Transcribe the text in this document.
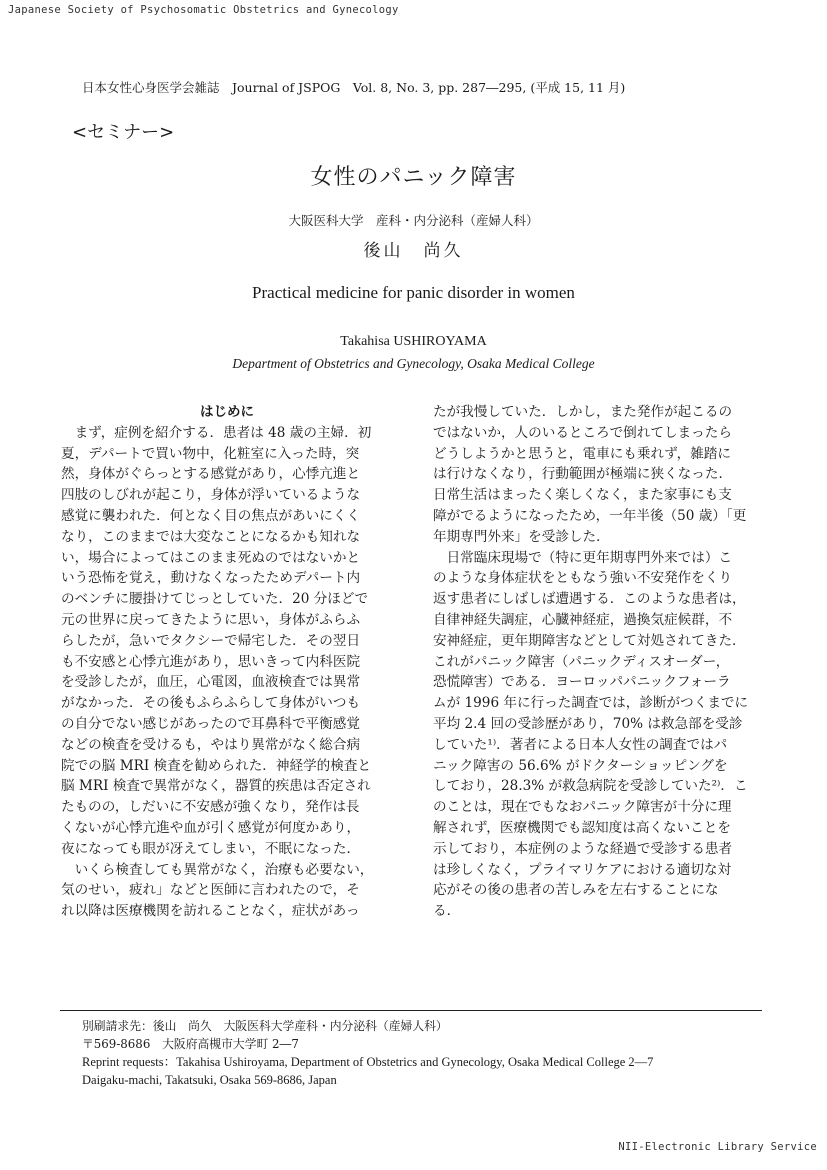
Japanese Society of Psychosomatic Obstetrics and Gynecology
日本女性心身医学会雑誌　Journal of JSPOG　Vol. 8, No. 3, pp. 287―295, (平成 15, 11 月)
<セミナー>
女性のパニック障害
大阪医科大学　産科・内分泌科（産婦人科）
後山　尚久
Practical medicine for panic disorder in women
Takahisa USHIROYAMA
Department of Obstetrics and Gynecology, Osaka Medical College
はじめに

　まず，症例を紹介する．患者は 48 歳の主婦．初

夏，デパートで買い物中，化粧室に入った時，突

然，身体がぐらっとする感覚があり，心悸亢進と

四肢のしびれが起こり，身体が浮いているような

感覚に襲われた．何となく目の焦点があいにくく

なり，このままでは大変なことになるかも知れな

い，場合によってはこのまま死ぬのではないかと

いう恐怖を覚え，動けなくなったためデパート内

のベンチに腰掛けてじっとしていた．20 分ほどで

元の世界に戻ってきたように思い，身体がふらふ

らしたが，急いでタクシーで帰宅した．その翌日

も不安感と心悸亢進があり，思いきって内科医院

を受診したが，血圧，心電図，血液検査では異常

がなかった．その後もふらふらして身体がいつも

の自分でない感じがあったので耳鼻科で平衡感覚

などの検査を受けるも，やはり異常がなく総合病

院での脳 MRI 検査を勧められた．神経学的検査と

脳 MRI 検査で異常がなく，器質的疾患は否定され

たものの，しだいに不安感が強くなり，発作は長

くないが心悸亢進や血が引く感覚が何度かあり，

夜になっても眼が冴えてしまい，不眠になった．

　いくら検査しても異常がなく，治療も必要ない，

気のせい，疲れ」などと医師に言われたので，そ

れ以降は医療機関を訪れることなく，症状があっ

たが我慢していた．しかし，また発作が起こるの

ではないか，人のいるところで倒れてしまったら

どうしようかと思うと，電車にも乗れず，雑踏に

は行けなくなり，行動範囲が極端に狭くなった．

日常生活はまったく楽しくなく，また家事にも支

障がでるようになったため，一年半後（50 歳）「更

年期専門外来」を受診した．

　日常臨床現場で（特に更年期専門外来では）こ

のような身体症状をともなう強い不安発作をくり

返す患者にしばしば遭遇する．このような患者は，

自律神経失調症，心臓神経症，過換気症候群，不

安神経症，更年期障害などとして対処されてきた．

これがパニック障害（パニックディスオーダー，

恐慌障害）である．ヨーロッパパニックフォーラ

ムが 1996 年に行った調査では，診断がつくまでに

平均 2.4 回の受診歴があり，70% は救急部を受診

していた¹⁾．著者による日本人女性の調査ではパ

ニック障害の 56.6% がドクターショッピングを

しており，28.3% が救急病院を受診していた²⁾．こ

のことは，現在でもなおパニック障害が十分に理

解されず，医療機関でも認知度は高くないことを

示しており，本症例のような経過で受診する患者

は珍しくなく，プライマリケアにおける適切な対

応がその後の患者の苦しみを左右することにな

る．

別刷請求先：後山　尚久　大阪医科大学産科・内分泌科（産婦人科）
〒569-8686　大阪府高槻市大学町 2―7
Reprint requests：Takahisa Ushiroyama, Department of Obstetrics and Gynecology, Osaka Medical College 2―7
Daigaku-machi, Takatsuki, Osaka 569-8686, Japan
NII-Electronic Library Service
